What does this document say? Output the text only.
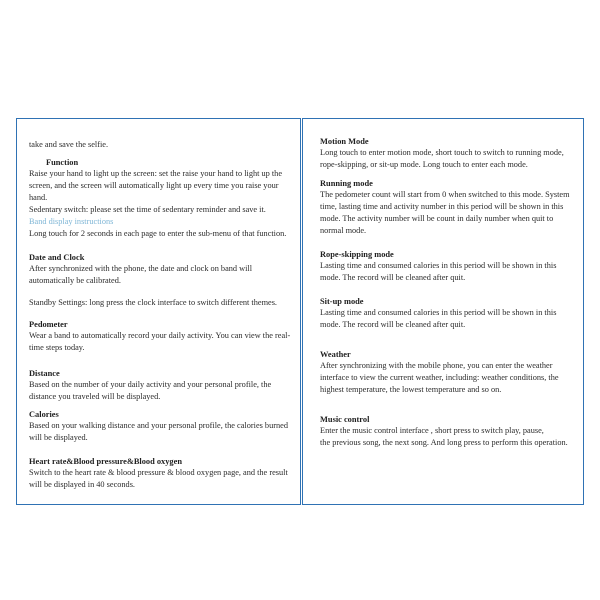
take and save the selfie.

Function

Raise your hand to light up the screen: set the raise your hand to light up the screen, and the screen will automatically light up every time you raise your hand.

Sedentary switch: please set the time of sedentary reminder and save it.

Band display instructions

Long touch for 2 seconds in each page to enter the sub-menu of that function.

Date and Clock

After synchronized with the phone, the date and clock on band will automatically be calibrated.

Standby Settings: long press the clock interface to switch different themes.

Pedometer

Wear a band to automatically record your daily activity. You can view the real-time steps today.

Distance

Based on the number of your daily activity and your personal profile, the distance you traveled will be displayed.

Calories

Based on your walking distance and your personal profile, the calories burned will be displayed.

Heart rate&Blood pressure&Blood oxygen

Switch to the heart rate & blood pressure & blood oxygen page, and the result will be displayed in 40 seconds.

Motion Mode

Long touch to enter motion mode, short touch to switch to running mode, rope-skipping, or sit-up mode. Long touch to enter each mode.

Running mode

The pedometer count will start from 0 when switched to this mode. System time, lasting time and activity number in this period will be shown in this mode. The activity number will be count in daily number when quit to normal mode.

Rope-skipping mode

Lasting time and consumed calories in this period will be shown in this mode. The record will be cleaned after quit.

Sit-up mode

Lasting time and consumed calories in this period will be shown in this mode. The record will be cleaned after quit.

Weather

After synchronizing with the mobile phone, you can enter the weather interface to view the current weather, including: weather conditions, the highest temperature, the lowest temperature and so on.

Music control

Enter the music control interface , short press to switch play, pause,

the previous song, the next song. And long press to perform this operation.
